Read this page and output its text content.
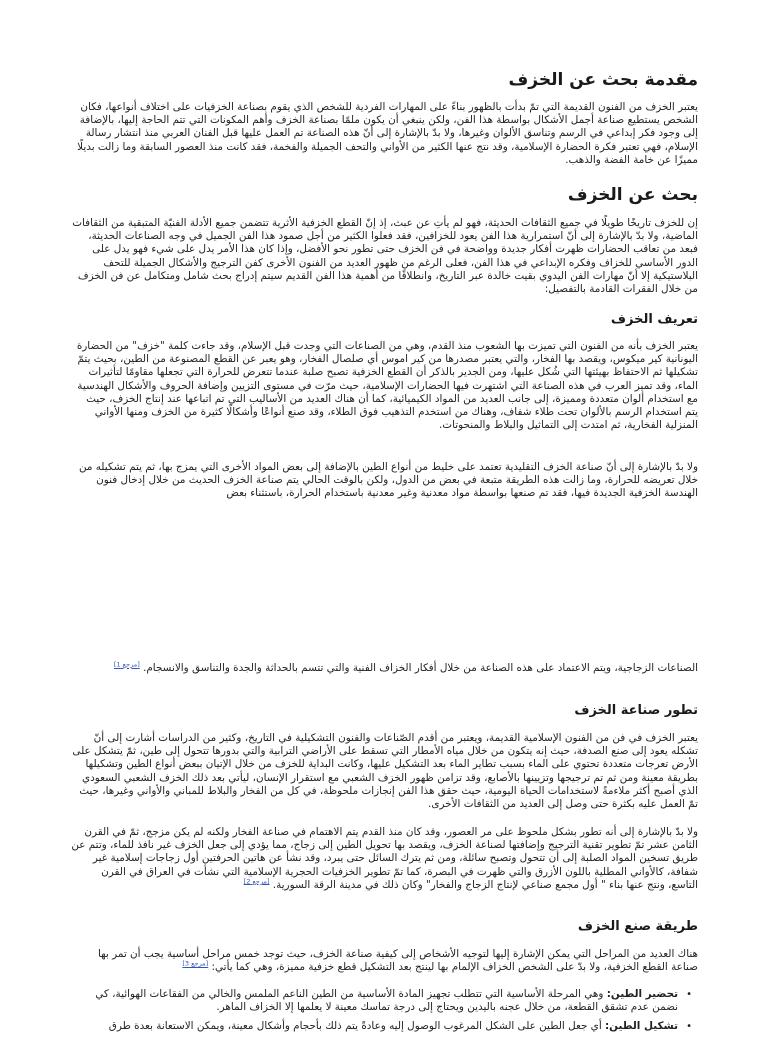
مقدمة بحث عن الخزف

يعتبر الخزف من الفنون القديمة التي تمّ بدأت بالظهور بناءً على المهارات الفردية للشخص الذي يقوم بصناعة الخزفيات على اختلاف أنواعها، فكان الشخص يستطيع صناعة أجمل الأشكال بواسطة هذا الفن، ولكن ينبغي أن يكون ملمًا بصناعة الخزف وأهم المكونات التي تتم الحاجة إليها، بالإضافة إلى وجود فكر إبداعي في الرسم وتناسق الألوان وغيرها، ولا بدّ بالإشارة إلى أنّ هذه الصناعة تم العمل عليها قبل الفنان العربي منذ انتشار رسالة الإسلام، فهي تعتبر فكرة الحضارة الإسلامية، وقد نتج عنها الكثير من الأواني والتحف الجميلة والفخمة، فقد كانت منذ العصور السابقة وما زالت بديلًا مميزًا عن خامة الفضة والذهب.

بحث عن الخزف

إن للخزف تاريخًا طويلًا في جميع الثقافات الحديثة، فهو لم يأتِ عن عبث، إذ إنّ القطع الخزفية الأثرية تتضمن جميع الأدلة الفنيّة المتبقية من الثقافات الماضية، ولا بدّ بالإشارة إلى أنّ استمرارية هذا الفن يعود للخزافين، فقد فعلوا الكثير من أجل صمود هذا الفن الجميل في وجه الصناعات الحديثة، فبعد من تعاقب الحضارات ظهرت أفكار جديدة وواضحة في فن الخزف حتى تطور نحو الأفضل، وإذا كان هذا الأمر يدل على شيء فهو يدل على الدور الأساسي للخزاف وفكره الإبداعي في هذا الفن، فعلى الرغم من ظهور العديد من الفنون الأخرى كفن الترجيج والأشكال الجميلة للتحف البلاستيكية إلا أنّ مهارات الفن اليدوي بقيت خالدة عبر التاريخ، وانطلاقًا من أهمية هذا الفن القديم سيتم إدراج بحث شامل ومتكامل عن فن الخزف من خلال الفقرات القادمة بالتفصيل:

تعريف الخزف

يعتبر الخزف بأنه من الفنون التي تميزت بها الشعوب منذ القدم، وهي من الصناعات التي وجدت قبل الإسلام، وقد جاءت كلمة "خزف" من الحضارة اليونانية كير ميكوس، ويقصد بها الفخار، والتي يعتبر مصدرها من كير اموس أي صلصال الفخار، وهو يعبر عن القطع المصنوعة من الطين، بحيث يتمّ تشكيلها ثم الاحتفاظ بهيئتها التي شُكل عليها، ومن الجدير بالذكر أن القطع الخزفية تصبح صلبة عندما تتعرض للحرارة التي تجعلها مقاومًا لتأثيرات الماء، وقد تميز العرب في هذه الصناعة التي اشتهرت فيها الحضارات الإسلامية، حيث مرّت في مستوى التزيين وإضافة الحروف والأشكال الهندسية مع استخدام ألوان متعددة ومميزة، إلى جانب العديد من المواد الكيميائية، كما أن هناك العديد من الأساليب التي تم اتباعها عند إنتاج الخزف، حيث يتم استخدام الرسم بالألوان تحت طلاء شفاف، وهناك من استخدم التذهيب فوق الطلاء، وقد صنع أنواعًا وأشكالًا كثيرة من الخزف ومنها الأواني المنزلية الفخارية، ثم امتدت إلى التماثيل والبلاط والمنحوتات.

ولا بدّ بالإشارة إلى أنّ صناعة الخزف التقليدية تعتمد على خليط من أنواع الطين بالإضافة إلى بعض المواد الأخرى التي يمزج بها، ثم يتم تشكيله من خلال تعريضه للحرارة، وما زالت هذه الطريقة متبعة في بعض من الدول، ولكن بالوقت الحالي يتم صناعة الخزف الحديث من خلال إدخال فنون الهندسة الخزفية الجديدة فيها، فقد تم صنعها بواسطة مواد معدنية وغير معدنية باستخدام الحرارة، باستثناء بعض

الصناعات الزجاجية، ويتم الاعتماد على هذه الصناعة من خلال أفكار الخزاف الفنية والتي تتسم بالحداثة والجدة والتناسق والانسجام. [مرجع 1]

تطور صناعة الخزف

يعتبر الخزف في فن من الفنون الإسلامية القديمة، ويعتبر من أقدم الصّناعات والفنون التشكيلية في التاريخ، وكثير من الدراسات أشارت إلى أنّ تشكله يعود إلى صنع الصدفة، حيث إنه يتكون من خلال مياه الأمطار التي تسقط على الأراضي الترابية والتي بدورها تتحول إلى طين، ثمّ يتشكل على الأرض تعرجات متعددة تحتوي على الماء بسبب تطاير الماء بعد التشكيل عليها، وكانت البداية للخزف من خلال الإتيان ببعض أنواع الطين وتشكيلها بطريقة معينة ومن ثم تم ترجيجها وتزيينها بالأصابع، وقد تزامن ظهور الخزف الشعبي مع استقرار الإنسان، ليأتي بعد ذلك الخزف الشعبي السعودي الذي أصبح أكثر ملاءمةً لاستخدامات الحياة اليومية، حيث حقق هذا الفن إنجازات ملحوظة، في كل من الفخار والبلاط للمباني والأواني وغيرها، حيث تمّ العمل عليه بكثرة حتى وصل إلى العديد من الثقافات الأخرى.

ولا بدّ بالإشارة إلى أنه تطور بشكل ملحوظ على مر العصور، وقد كان منذ القدم يتم الاهتمام في صناعة الفخار ولكنه لم يكن مزجج، ثمّ في القرن الثامن عشر تمّ تطوير تقنية الترجيج وإضافتها لصناعة الخزف، ويقصد بها تحويل الطين إلى زجاج، مما يؤدي إلى جعل الخزف غير نافذ للماء، وتتم عن طريق تسخين المواد الصلبة إلى أن تتحول وتصبح سائلة، ومن ثم يترك السائل حتى يبرد، وقد نشأ عن هاتين الحرفتين أول زجاجات إسلامية غير شفافة، كالأواني المطلية باللون الأزرق والتي ظهرت في البصرة، كما تمّ تطوير الخزفيات الحجرية الإسلامية التي نشأت في العراق في القرن التاسع، ونتج عنها بناء " أول مجمع صناعي لإنتاج الزجاج والفخار" وكان ذلك في مدينة الرقة السورية. [مرجع 2]

طريقة صنع الخزف

هناك العديد من المراحل التي يمكن الإشارة إليها لتوجيه الأشخاص إلى كيفية صناعة الخزف، حيث توجد خمس مراحل أساسية يجب أن تمر بها صناعة القطع الخزفية، ولا بدّ على الشخص الخزاف الإلمام بها لينتج بعد التشكيل قطع خزفية مميزة، وهي كما يأتي: [مرجع 3]

• تحضير الطين: وهي المرحلة الأساسية التي تتطلب تجهيز المادة الأساسية من الطين الناعم الملمس والخالي من الفقاعات الهوائية، كي نضمن عدم تشقق القطعة، من خلال عجنه باليدين ويحتاج إلى درجة تماسك معينة لا يعلمها إلا الخزاف الماهر.
• تشكيل الطين: أي جعل الطين على الشكل المرغوب الوصول إليه وعادةً يتم ذلك بأحجام وأشكال معينة، ويمكن الاستعانة بعدة طرق
